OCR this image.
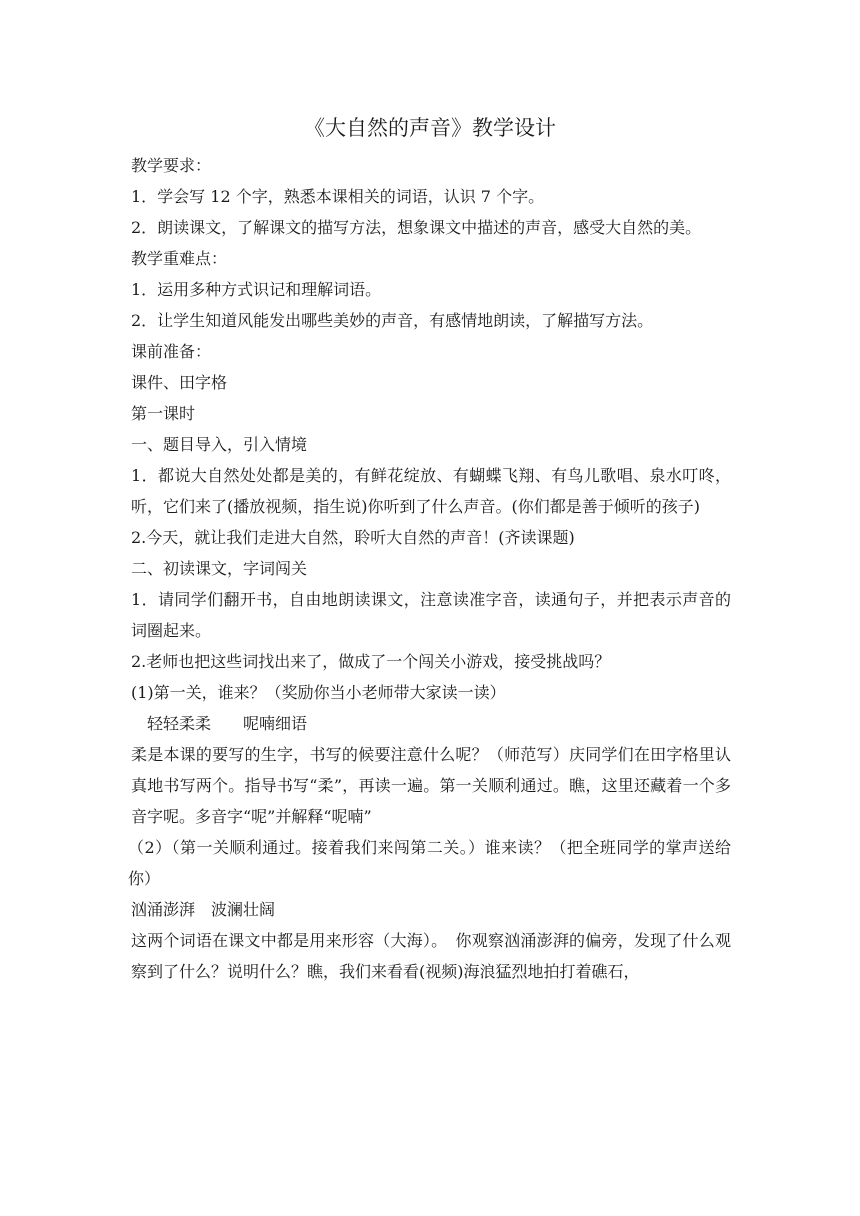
《大自然的声音》教学设计

教学要求：

1．学会写 12 个字，熟悉本课相关的词语，认识 7 个字。

2．朗读课文，了解课文的描写方法，想象课文中描述的声音，感受大自然的美。

教学重难点：

1．运用多种方式识记和理解词语。

2．让学生知道风能发出哪些美妙的声音，有感情地朗读，了解描写方法。

课前准备：

课件、田字格

第一课时

一、题目导入，引入情境

1．都说大自然处处都是美的，有鲜花绽放、有蝴蝶飞翔、有鸟儿歌唱、泉水叮咚，听，它们来了(播放视频，指生说)你听到了什么声音。(你们都是善于倾听的孩子)

2.今天，就让我们走进大自然，聆听大自然的声音！(齐读课题)

二、初读课文，字词闯关

1．请同学们翻开书，自由地朗读课文，注意读准字音，读通句子，并把表示声音的词圈起来。

2.老师也把这些词找出来了，做成了一个闯关小游戏，接受挑战吗？

(1)第一关，谁来？（奖励你当小老师带大家读一读）

轻轻柔柔　　呢喃细语

柔是本课的要写的生字，书写的候要注意什么呢？（师范写）庆同学们在田字格里认真地书写两个。指导书写“柔”，再读一遍。第一关顺利通过。瞧，这里还藏着一个多音字呢。多音字“呢”并解释“呢喃”

（2）（第一关顺利通过。接着我们来闯第二关。）谁来读？（把全班同学的掌声送给你）

汹涌澎湃　波澜壮阔

这两个词语在课文中都是用来形容（大海）。　你观察汹涌澎湃的偏旁，发现了什么观察到了什么？说明什么？瞧，我们来看看(视频)海浪猛烈地拍打着礁石，
